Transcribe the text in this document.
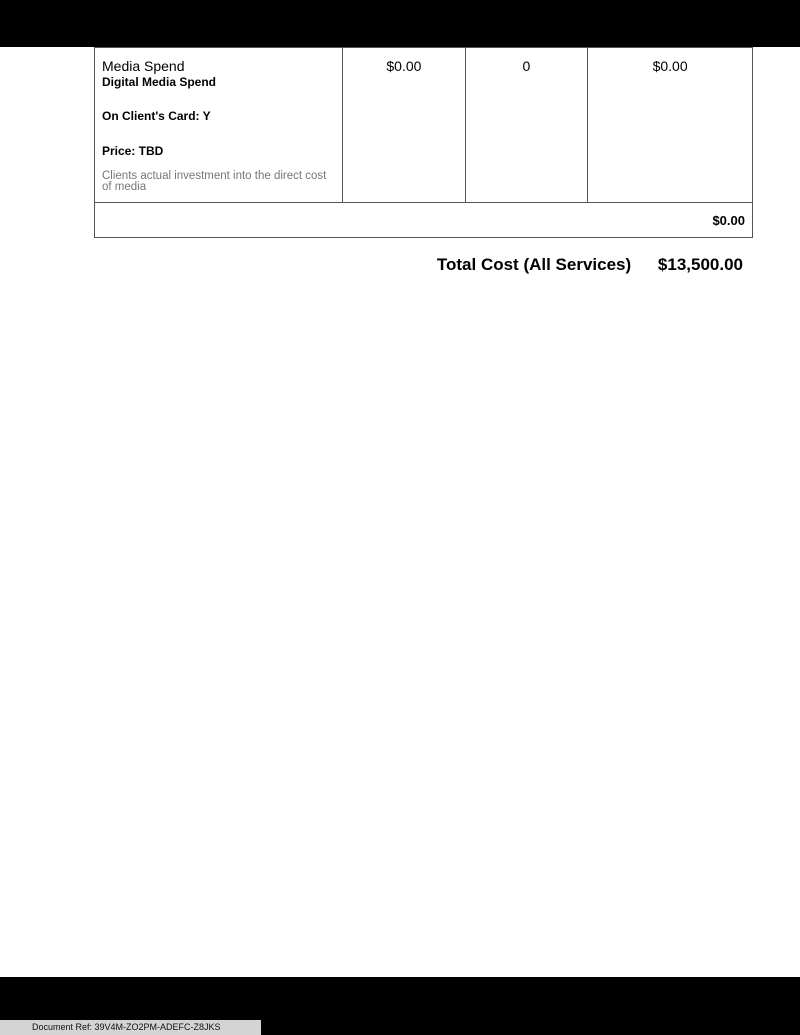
Media Spend
Digital Media Spend
On Client's Card: Y
Price: TBD
Clients actual investment into the direct cost of media
	$0.00	0	$0.00
$0.00
Total Cost (All Services) $13,500.00
Document Ref: 39V4M-ZO2PM-ADEFC-Z8JKS
